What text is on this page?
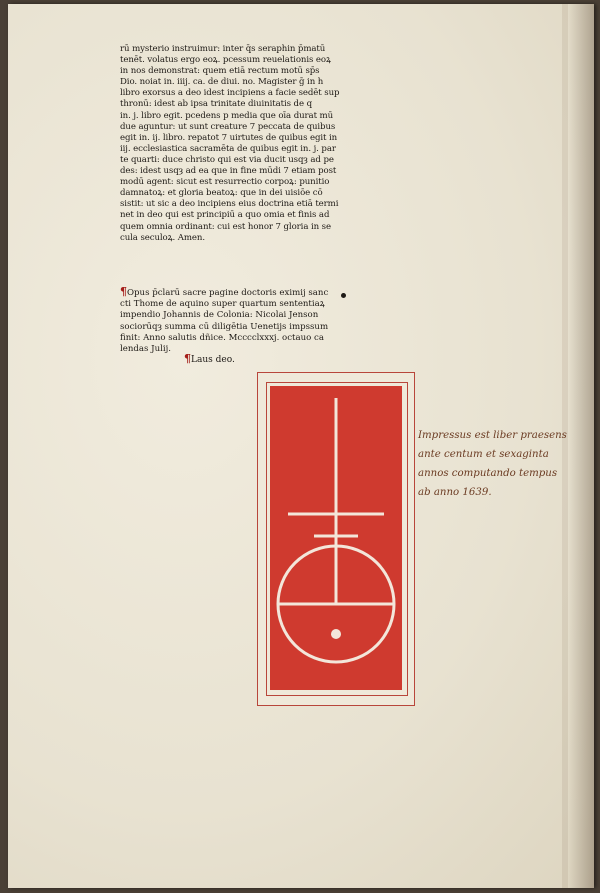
rū mysterio instruimur: inter q̄s seraphin p̄matū
tenēt. volatus ergo eoꝝ. pcessum reuelationis eoꝝ
in nos demonstrat: quem etiā rectum motū sp̄s
Dio. noiat in. iiij. ca. de diui. no. Magister ḡ in h
libro exorsus a deo idest incipiens a facie sedēt sup
thronū: idest ab ipsa trinitate diuinitatis de q
in. j. libro egit. pcedens p media que oīa durat mū
due aguntur: ut sunt creature 7 peccata de quibus
egit in. ij. libro. repatot 7 uirtutes de quibus egit in
iij. ecclesiastica sacramēta de quibus egit in. j. par
te quarti: duce christo qui est via ducit usqȝ ad pe
des: idest usqȝ ad ea que in fine mūdi 7 etiam post
modū agent: sicut est resurrectio corpoꝝ: punitio
damnatoꝝ: et gloria beatoꝝ: que in dei uisiōe cō
sistit: ut sic a deo incipiens eius doctrina etiā termi
net in deo qui est principiū a quo omia et finis ad
quem omnia ordinant: cui est honor 7 gloria in se
cula seculoꝝ. Amen.
¶Opus p̄clarū sacre pagine doctoris eximij sanc
cti Thome de aquino super quartum sententiaꝝ
impendio Johannis de Colonia: Nicolai Jenson
sociorūqȝ summa cū diligētia Uenetijs impssum
finit: Anno salutis dñice. Mcccclxxxj. octauo ca
lendas Julij.
¶Laus deo.
Impressus est liber praesens
ante centum et sexaginta
annos computando tempus
ab anno 1639.
